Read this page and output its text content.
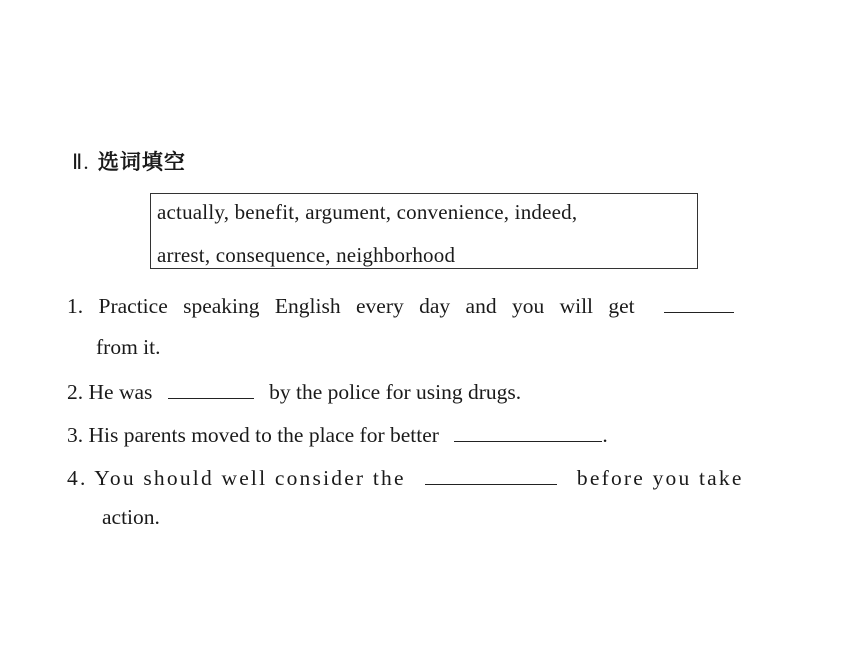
Ⅱ. 选词填空
actually, benefit, argument, convenience, indeed,
arrest, consequence, neighborhood
1. Practice speaking English every day and you will get
from it.
2. He was	by the police for using drugs.
3. His parents moved to the place for better	.
4. You should well consider the	before you take
action.
